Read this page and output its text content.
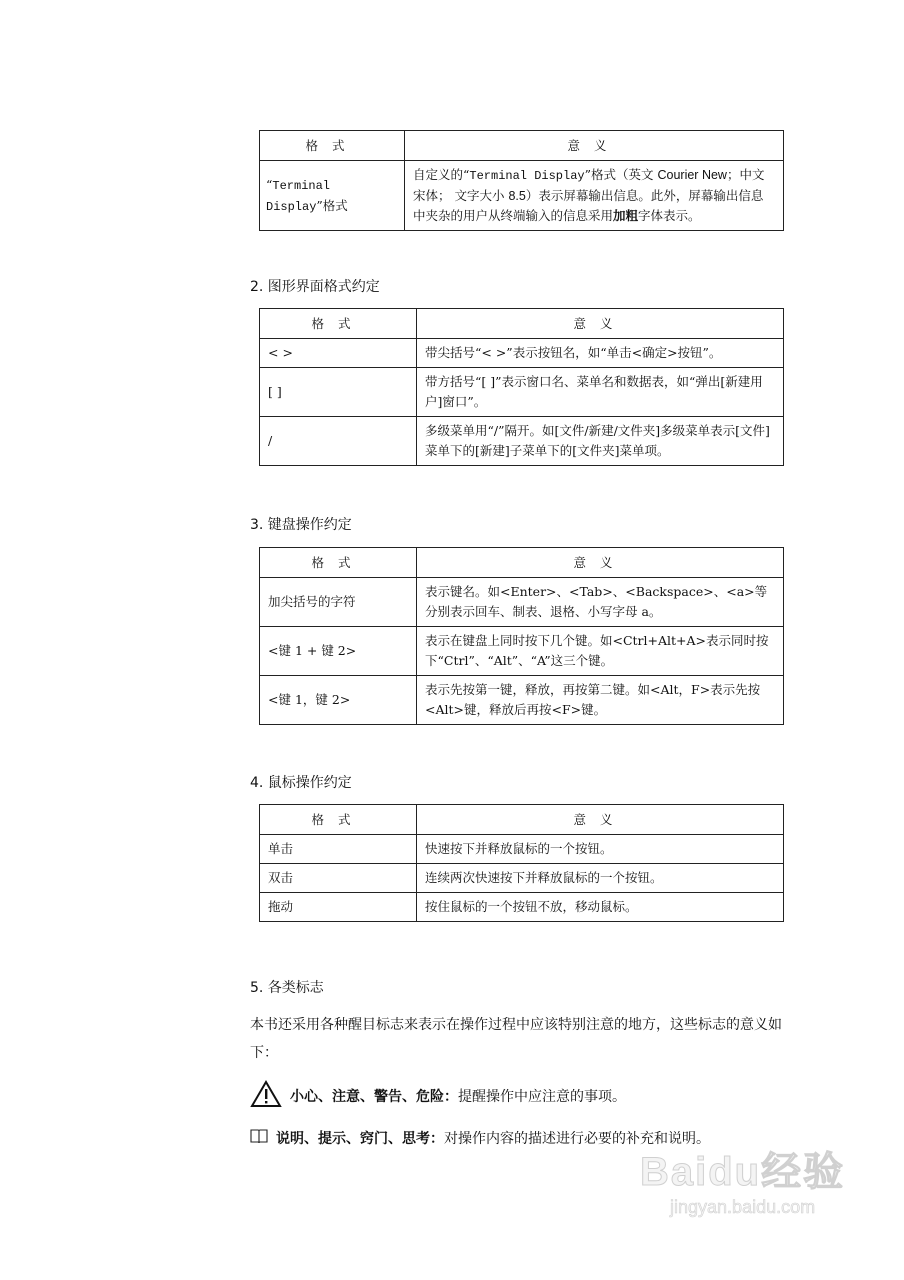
格式	意义
“Terminal Display”格式	自定义的“Terminal Display”格式（英文 Courier New；中文 宋体； 文字大小 8.5）表示屏幕输出信息。此外，屏幕输出信息中夹杂的用户从终端输入的信息采用加粗字体表示。
2. 图形界面格式约定
格式	意义
< >	带尖括号“< >”表示按钮名，如“单击<确定>按钮”。
[ ]	带方括号“[ ]”表示窗口名、菜单名和数据表，如“弹出[新建用户]窗口”。
/	多级菜单用“/”隔开。如[文件/新建/文件夹]多级菜单表示[文件]菜单下的[新建]子菜单下的[文件夹]菜单项。
3. 键盘操作约定
格式	意义
加尖括号的字符	表示键名。如<Enter>、<Tab>、<Backspace>、<a>等分别表示回车、制表、退格、小写字母 a。
<键 1 + 键 2>	表示在键盘上同时按下几个键。如<Ctrl+Alt+A>表示同时按下“Ctrl”、“Alt”、“A”这三个键。
<键 1，键 2>	表示先按第一键，释放，再按第二键。如<Alt，F>表示先按<Alt>键，释放后再按<F>键。
4. 鼠标操作约定
格式	意义
单击	快速按下并释放鼠标的一个按钮。
双击	连续两次快速按下并释放鼠标的一个按钮。
拖动	按住鼠标的一个按钮不放，移动鼠标。
5. 各类标志
本书还采用各种醒目标志来表示在操作过程中应该特别注意的地方，这些标志的意义如下：
小心、注意、警告、危险：提醒操作中应注意的事项。
说明、提示、窍门、思考：对操作内容的描述进行必要的补充和说明。
Baidu经验
jingyan.baidu.com
